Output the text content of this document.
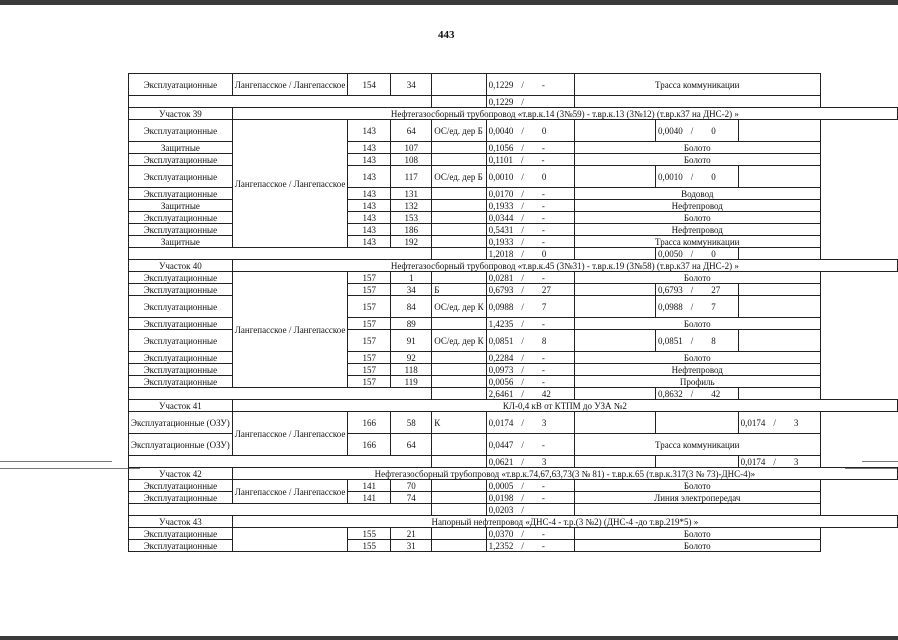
443
Эксплуатационные	Лангепасское / Лангепасское	154	34		0,1229 / -	Трасса коммуникации		
					0,1229 /			
Участок 39	Нефтегазосборный трубопровод «т.вр.к.14 (3№59) - т.вр.к.13 (3№12) (т.вр.к37 на ДНС-2) »							
Эксплуатационные	Лангепасское / Лангепасское	143	64	ОС/ед. дер Б	0,0040 / 0		0,0040 / 0	
Защитные		143	107		0,1056 / -	Болото		
Эксплуатационные		143	108		0,1101 / -	Болото		
Эксплуатационные		143	117	ОС/ед. дер Б	0,0010 / 0		0,0010 / 0	
Эксплуатационные		143	131		0,0170 / -	Водовод		
Защитные		143	132		0,1933 / -	Нефтепровод		
Эксплуатационные		143	153		0,0344 / -	Болото		
Эксплуатационные		143	186		0,5431 / -	Нефтепровод		
Защитные		143	192		0,1933 / -	Трасса коммуникации		
					1,2018 / 0		0,0050 / 0	
Участок 40	Нефтегазосборный трубопровод «т.вр.к.45 (3№31) - т.вр.к.19 (3№58) (т.вр.к37 на ДНС-2) »							
Эксплуатационные	Лангепасское / Лангепасское	157	1		0,0281 / -	Болото		
Эксплуатационные		157	34	Б	0,6793 / 27		0,6793 / 27	
Эксплуатационные		157	84	ОС/ед. дер К	0,0988 / 7		0,0988 / 7	
Эксплуатационные		157	89		1,4235 / -	Болото		
Эксплуатационные		157	91	ОС/ед. дер К	0,0851 / 8		0,0851 / 8	
Эксплуатационные		157	92		0,2284 / -	Болото		
Эксплуатационные		157	118		0,0973 / -	Нефтепровод		
Эксплуатационные		157	119		0,0056 / -	Профиль		
					2,6461 / 42		0,8632 / 42	
Участок 41	КЛ-0,4 кВ от КТПМ до УЗА №2							
Эксплуатационные (ОЗУ)	Лангепасское / Лангепасское	166	58	К	0,0174 / 3			0,0174 / 3
Эксплуатационные (ОЗУ)		166	64		0,0447 / -	Трасса коммуникации		
					0,0621 / 3			0,0174 / 3
Участок 42	Нефтегазосборный трубопровод «т.вр.к.74,67,63,73(3 № 81) - т.вр.к.65 (т.вр.к.317(3 № 73)-ДНС-4)»							
Эксплуатационные	Лангепасское / Лангепасское	141	70		0,0005 / -	Болото		
Эксплуатационные		141	74		0,0198 / -	Линия электропередач		
					0,0203 /			
Участок 43	Напорный нефтепровод «ДНС-4 - т.р.(3 №2) (ДНС-4 -до т.вр.219*5) »							
Эксплуатационные		155	21		0,0370 / -	Болото		
Эксплуатационные		155	31		1,2352 / -	Болото		
